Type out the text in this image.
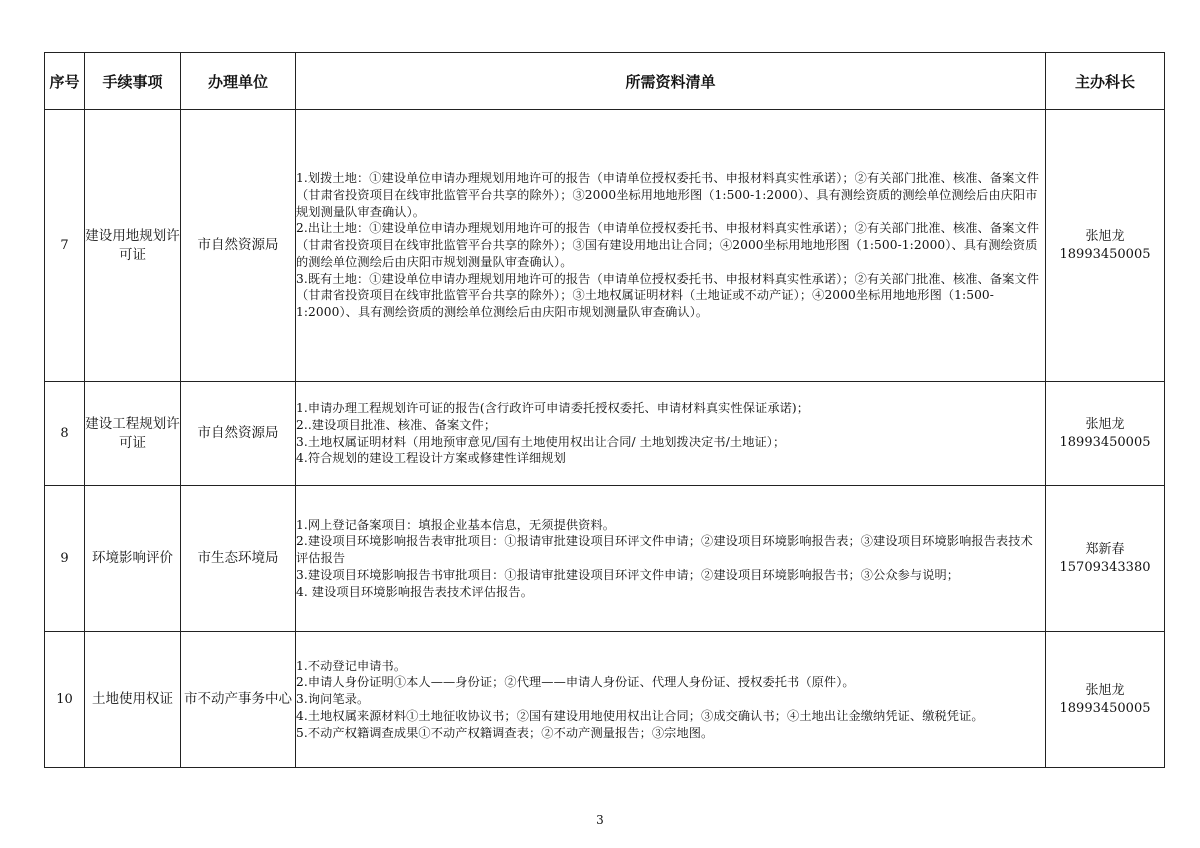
序号	手续事项	办理单位	所需资料清单	主办科长
7	建设用地规划许可证	市自然资源局	1.划拨土地：①建设单位申请办理规划用地许可的报告（申请单位授权委托书、申报材料真实性承诺）；②有关部门批准、核准、备案文件（甘肃省投资项目在线审批监管平台共享的除外）；③2000坐标用地地形图（1:500-1:2000）、具有测绘资质的测绘单位测绘后由庆阳市规划测量队审查确认）。
2.出让土地：①建设单位申请办理规划用地许可的报告（申请单位授权委托书、申报材料真实性承诺）；②有关部门批准、核准、备案文件（甘肃省投资项目在线审批监管平台共享的除外）；③国有建设用地出让合同；④2000坐标用地地形图（1:500-1:2000）、具有测绘资质的测绘单位测绘后由庆阳市规划测量队审查确认）。
3.既有土地：①建设单位申请办理规划用地许可的报告（申请单位授权委托书、申报材料真实性承诺）；②有关部门批准、核准、备案文件（甘肃省投资项目在线审批监管平台共享的除外）；③土地权属证明材料（土地证或不动产证）；④2000坐标用地地形图（1:500-1:2000）、具有测绘资质的测绘单位测绘后由庆阳市规划测量队审查确认）。	张旭龙
18993450005

8	建设工程规划许可证	市自然资源局	1.申请办理工程规划许可证的报告(含行政许可申请委托授权委托、申请材料真实性保证承诺)；
2..建设项目批准、核准、备案文件；
3.土地权属证明材料（用地预审意见/国有土地使用权出让合同/ 土地划拨决定书/土地证）；
4.符合规划的建设工程设计方案或修建性详细规划	张旭龙
18993450005

9	环境影响评价	市生态环境局	1.网上登记备案项目：填报企业基本信息，无须提供资料。
2.建设项目环境影响报告表审批项目：①报请审批建设项目环评文件申请；②建设项目环境影响报告表；③建设项目环境影响报告表技术评估报告
3.建设项目环境影响报告书审批项目：①报请审批建设项目环评文件申请；②建设项目环境影响报告书；③公众参与说明；
4. 建设项目环境影响报告表技术评估报告。	郑新春
15709343380

10	土地使用权证	市不动产事务中心	1.不动登记申请书。
2.申请人身份证明①本人——身份证；②代理——申请人身份证、代理人身份证、授权委托书（原件）。
3.询问笔录。
4.土地权属来源材料①土地征收协议书；②国有建设用地使用权出让合同；③成交确认书；④土地出让金缴纳凭证、缴税凭证。
5.不动产权籍调查成果①不动产权籍调查表；②不动产测量报告；③宗地图。	张旭龙
18993450005
3
